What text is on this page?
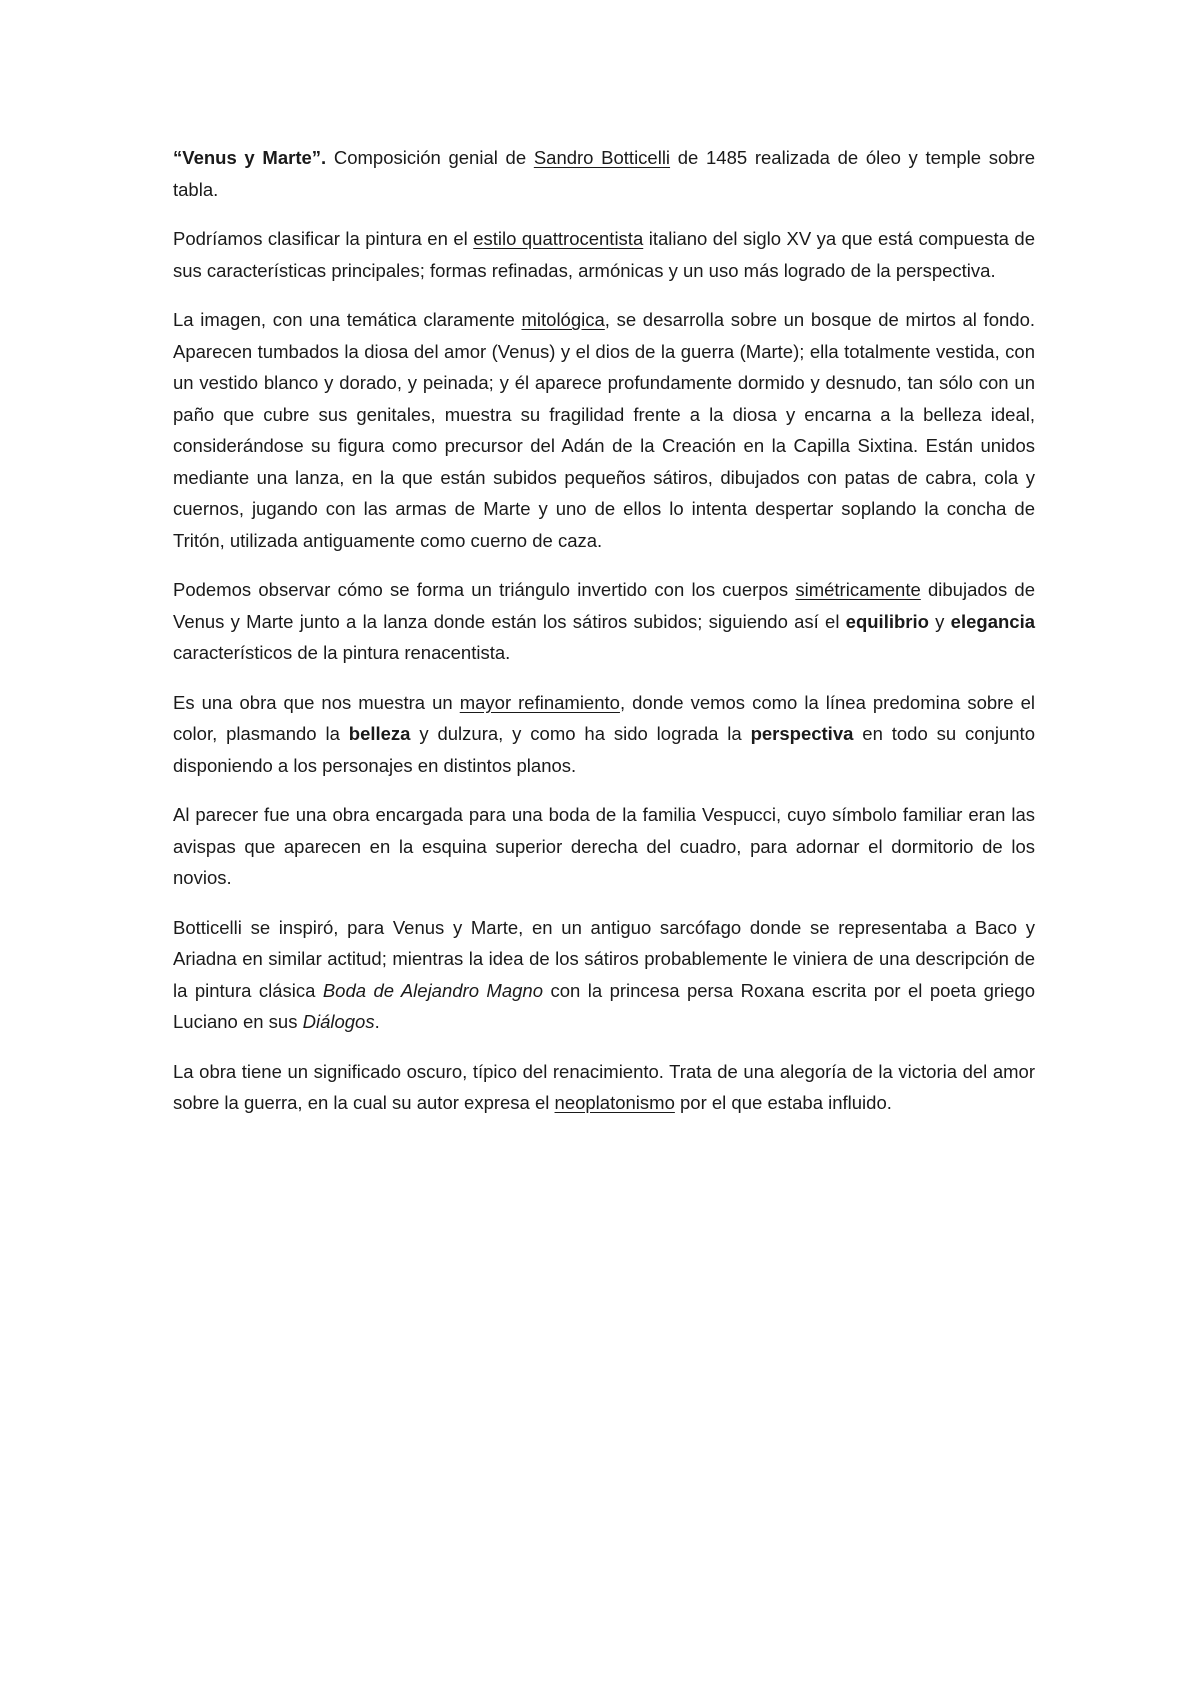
“Venus y Marte”. Composición genial de Sandro Botticelli de 1485 realizada de óleo y temple sobre tabla.

Podríamos clasificar la pintura en el estilo quattrocentista italiano del siglo XV ya que está compuesta de sus características principales; formas refinadas, armónicas y un uso más logrado de la perspectiva.

La imagen, con una temática claramente mitológica, se desarrolla sobre un bosque de mirtos al fondo. Aparecen tumbados la diosa del amor (Venus) y el dios de la guerra (Marte); ella totalmente vestida, con un vestido blanco y dorado, y peinada; y él aparece profundamente dormido y desnudo, tan sólo con un paño que cubre sus genitales, muestra su fragilidad frente a la diosa y encarna a la belleza ideal, considerándose su figura como precursor del Adán de la Creación en la Capilla Sixtina. Están unidos mediante una lanza, en la que están subidos pequeños sátiros, dibujados con patas de cabra, cola y cuernos, jugando con las armas de Marte y uno de ellos lo intenta despertar soplando la concha de Tritón, utilizada antiguamente como cuerno de caza.

Podemos observar cómo se forma un triángulo invertido con los cuerpos simétricamente dibujados de Venus y Marte junto a la lanza donde están los sátiros subidos; siguiendo así el equilibrio y elegancia característicos de la pintura renacentista.

Es una obra que nos muestra un mayor refinamiento, donde vemos como la línea predomina sobre el color, plasmando la belleza y dulzura, y como ha sido lograda la perspectiva en todo su conjunto disponiendo a los personajes en distintos planos.

Al parecer fue una obra encargada para una boda de la familia Vespucci, cuyo símbolo familiar eran las avispas que aparecen en la esquina superior derecha del cuadro, para adornar el dormitorio de los novios.

Botticelli se inspiró, para Venus y Marte, en un antiguo sarcófago donde se representaba a Baco y Ariadna en similar actitud; mientras la idea de los sátiros probablemente le viniera de una descripción de la pintura clásica Boda de Alejandro Magno con la princesa persa Roxana escrita por el poeta griego Luciano en sus Diálogos.

La obra tiene un significado oscuro, típico del renacimiento. Trata de una alegoría de la victoria del amor sobre la guerra, en la cual su autor expresa el neoplatonismo por el que estaba influido.
